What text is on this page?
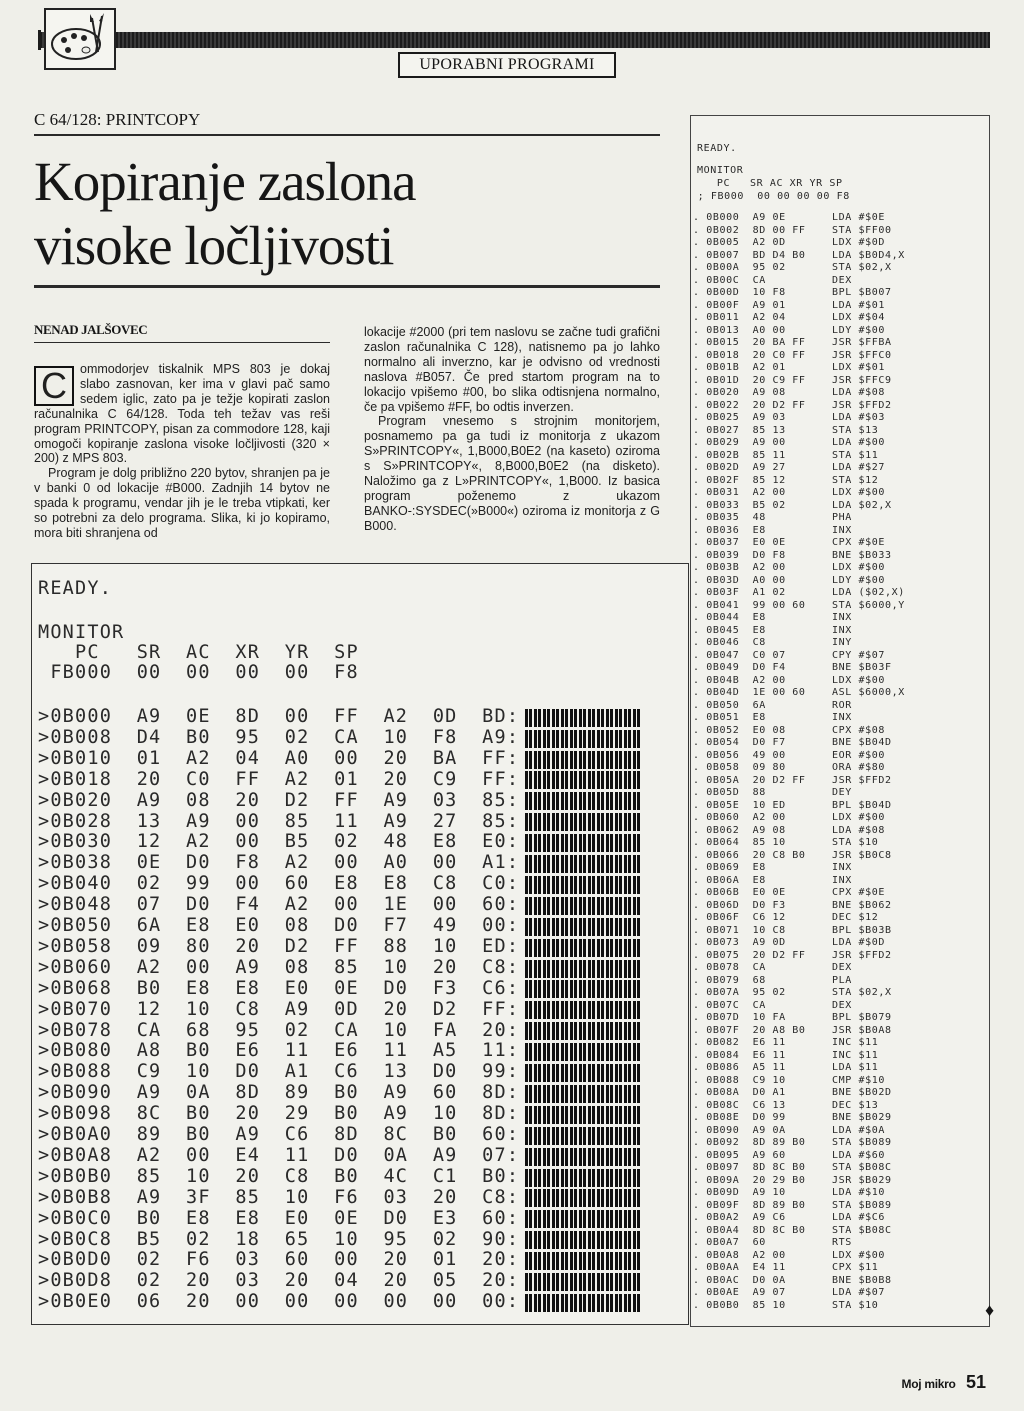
UPORABNI PROGRAMI
C 64/128: PRINTCOPY
Kopiranje zaslona
visoke ločljivosti
NENAD JALŠOVEC

C	ommodorjev tiskalnik MPS 803 je dokaj slabo zasnovan, ker ima v glavi pač samo sedem iglic, zato pa je težje kopirati zaslon računalnika C 64/128. Toda teh težav vas reši program PRINTCOPY, pisan za commodore 128, kaji omogoči kopiranje zaslona visoke ločljivosti (320 × 200) z MPS 803.

Program je dolg približno 220 bytov, shranjen pa je v banki 0 od lokacije #B000. Zadnjih 14 bytov ne spada k programu, vendar jih je le treba vtipkati, ker so potrebni za delo programa. Slika, ki jo kopiramo, mora biti shranjena od

lokacije #2000 (pri tem naslovu se začne tudi grafični zaslon računalnika C 128), natisnemo pa jo lahko normalno ali inverzno, kar je odvisno od vrednosti naslova #B057. Če pred startom program na to lokacijo vpišemo #00, bo slika odtisnjena normalno, če pa vpišemo #FF, bo odtis inverzen.

Program vnesemo s strojnim monitorjem, posnamemo pa ga tudi iz monitorja z ukazom S»PRINTCOPY«, 1,B000,B0E2 (na kaseto) oziroma s S»PRINTCOPY«, 8,B000,B0E2 (na disketo). Naložimo ga z L»PRINTCOPY«, 1,B000. Iz basica program poženemo z ukazom BANKO-:SYSDEC(»B000«) oziroma iz monitorja z G B000.

READY.
MONITOR
PC   SR  AC  XR  YR  SP
FB000  00  00  00  00  F8
>0B000  A9  0E  8D  00  FF  A2  0D  BD:
>0B008  D4  B0  95  02  CA  10  F8  A9:
>0B010  01  A2  04  A0  00  20  BA  FF:
>0B018  20  C0  FF  A2  01  20  C9  FF:
>0B020  A9  08  20  D2  FF  A9  03  85:
>0B028  13  A9  00  85  11  A9  27  85:
>0B030  12  A2  00  B5  02  48  E8  E0:
>0B038  0E  D0  F8  A2  00  A0  00  A1:
>0B040  02  99  00  60  E8  E8  C8  C0:
>0B048  07  D0  F4  A2  00  1E  00  60:
>0B050  6A  E8  E0  08  D0  F7  49  00:
>0B058  09  80  20  D2  FF  88  10  ED:
>0B060  A2  00  A9  08  85  10  20  C8:
>0B068  B0  E8  E8  E0  0E  D0  F3  C6:
>0B070  12  10  C8  A9  0D  20  D2  FF:
>0B078  CA  68  95  02  CA  10  FA  20:
>0B080  A8  B0  E6  11  E6  11  A5  11:
>0B088  C9  10  D0  A1  C6  13  D0  99:
>0B090  A9  0A  8D  89  B0  A9  60  8D:
>0B098  8C  B0  20  29  B0  A9  10  8D:
>0B0A0  89  B0  A9  C6  8D  8C  B0  60:
>0B0A8  A2  00  E4  11  D0  0A  A9  07:
>0B0B0  85  10  20  C8  B0  4C  C1  B0:
>0B0B8  A9  3F  85  10  F6  03  20  C8:
>0B0C0  B0  E8  E8  E0  0E  D0  E3  60:
>0B0C8  B5  02  18  65  10  95  02  90:
>0B0D0  02  F6  03  60  00  20  01  20:
>0B0D8  02  20  03  20  04  20  05  20:
>0B0E0  06  20  00  00  00  00  00  00:
READY.
MONITOR
PC   SR AC XR YR SP
; FB000  00 00 00 00 F8
. 0B000  A9 0E       LDA #$0E
. 0B002  8D 00 FF    STA $FF00
. 0B005  A2 0D       LDX #$0D
. 0B007  BD D4 B0    LDA $B0D4,X
. 0B00A  95 02       STA $02,X
. 0B00C  CA          DEX
. 0B00D  10 F8       BPL $B007
. 0B00F  A9 01       LDA #$01
. 0B011  A2 04       LDX #$04
. 0B013  A0 00       LDY #$00
. 0B015  20 BA FF    JSR $FFBA
. 0B018  20 C0 FF    JSR $FFC0
. 0B01B  A2 01       LDX #$01
. 0B01D  20 C9 FF    JSR $FFC9
. 0B020  A9 08       LDA #$08
. 0B022  20 D2 FF    JSR $FFD2
. 0B025  A9 03       LDA #$03
. 0B027  85 13       STA $13
. 0B029  A9 00       LDA #$00
. 0B02B  85 11       STA $11
. 0B02D  A9 27       LDA #$27
. 0B02F  85 12       STA $12
. 0B031  A2 00       LDX #$00
. 0B033  B5 02       LDA $02,X
. 0B035  48          PHA
. 0B036  E8          INX
. 0B037  E0 0E       CPX #$0E
. 0B039  D0 F8       BNE $B033
. 0B03B  A2 00       LDX #$00
. 0B03D  A0 00       LDY #$00
. 0B03F  A1 02       LDA ($02,X)
. 0B041  99 00 60    STA $6000,Y
. 0B044  E8          INX
. 0B045  E8          INX
. 0B046  C8          INY
. 0B047  C0 07       CPY #$07
. 0B049  D0 F4       BNE $B03F
. 0B04B  A2 00       LDX #$00
. 0B04D  1E 00 60    ASL $6000,X
. 0B050  6A          ROR
. 0B051  E8          INX
. 0B052  E0 08       CPX #$08
. 0B054  D0 F7       BNE $B04D
. 0B056  49 00       EOR #$00
. 0B058  09 80       ORA #$80
. 0B05A  20 D2 FF    JSR $FFD2
. 0B05D  88          DEY
. 0B05E  10 ED       BPL $B04D
. 0B060  A2 00       LDX #$00
. 0B062  A9 08       LDA #$08
. 0B064  85 10       STA $10
. 0B066  20 C8 B0    JSR $B0C8
. 0B069  E8          INX
. 0B06A  E8          INX
. 0B06B  E0 0E       CPX #$0E
. 0B06D  D0 F3       BNE $B062
. 0B06F  C6 12       DEC $12
. 0B071  10 C8       BPL $B03B
. 0B073  A9 0D       LDA #$0D
. 0B075  20 D2 FF    JSR $FFD2
. 0B078  CA          DEX
. 0B079  68          PLA
. 0B07A  95 02       STA $02,X
. 0B07C  CA          DEX
. 0B07D  10 FA       BPL $B079
. 0B07F  20 A8 B0    JSR $B0A8
. 0B082  E6 11       INC $11
. 0B084  E6 11       INC $11
. 0B086  A5 11       LDA $11
. 0B088  C9 10       CMP #$10
. 0B08A  D0 A1       BNE $B02D
. 0B08C  C6 13       DEC $13
. 0B08E  D0 99       BNE $B029
. 0B090  A9 0A       LDA #$0A
. 0B092  8D 89 B0    STA $B089
. 0B095  A9 60       LDA #$60
. 0B097  8D 8C B0    STA $B08C
. 0B09A  20 29 B0    JSR $B029
. 0B09D  A9 10       LDA #$10
. 0B09F  8D 89 B0    STA $B089
. 0B0A2  A9 C6       LDA #$C6
. 0B0A4  8D 8C B0    STA $B08C
. 0B0A7  60          RTS
. 0B0A8  A2 00       LDX #$00
. 0B0AA  E4 11       CPX $11
. 0B0AC  D0 0A       BNE $B0B8
. 0B0AE  A9 07       LDA #$07
. 0B0B0  85 10       STA $10	♦
Moj mikro 51
